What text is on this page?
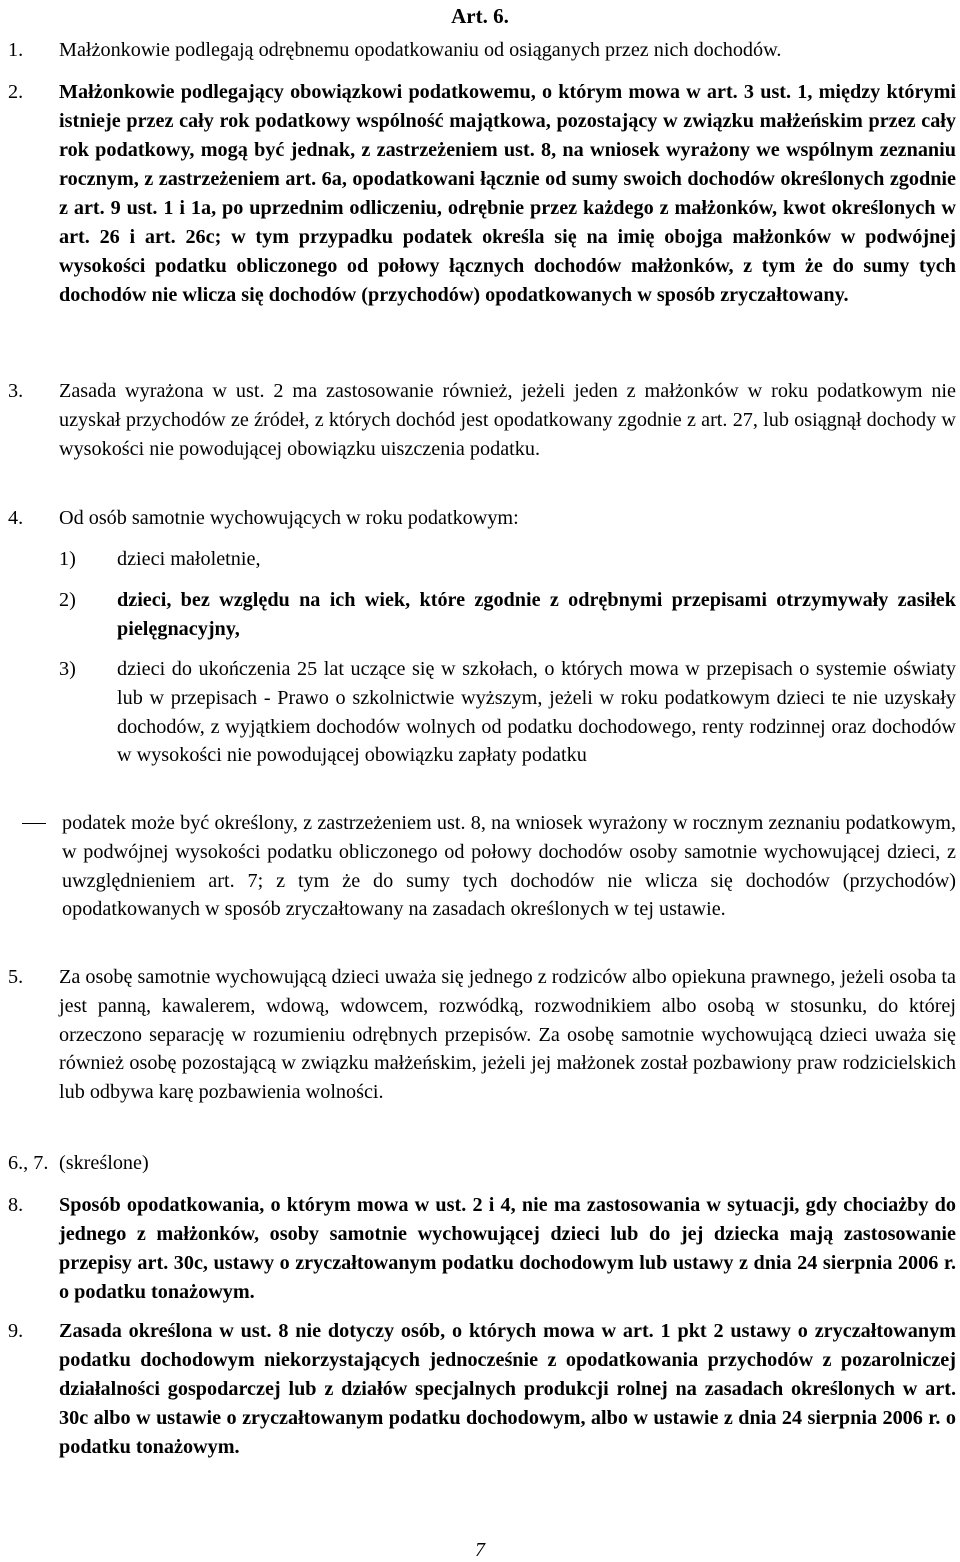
Art. 6.
1. Małżonkowie podlegają odrębnemu opodatkowaniu od osiąganych przez nich dochodów.
2. Małżonkowie podlegający obowiązkowi podatkowemu, o którym mowa w art. 3 ust. 1, między którymi istnieje przez cały rok podatkowy wspólność majątkowa, pozostający w związku małżeńskim przez cały rok podatkowy, mogą być jednak, z zastrzeżeniem ust. 8, na wniosek wyrażony we wspólnym zeznaniu rocznym, z zastrzeżeniem art. 6a, opodatkowani łącznie od sumy swoich dochodów określonych zgodnie z art. 9 ust. 1 i 1a, po uprzednim odliczeniu, odrębnie przez każdego z małżonków, kwot określonych w art. 26 i art. 26c; w tym przypadku podatek określa się na imię obojga małżonków w podwójnej wysokości podatku obliczonego od połowy łącznych dochodów małżonków, z tym że do sumy tych dochodów nie wlicza się dochodów (przychodów) opodatkowanych w sposób zryczałtowany.
3. Zasada wyrażona w ust. 2 ma zastosowanie również, jeżeli jeden z małżonków w roku podatkowym nie uzyskał przychodów ze źródeł, z których dochód jest opodatkowany zgodnie z art. 27, lub osiągnął dochody w wysokości nie powodującej obowiązku uiszczenia podatku.
4. Od osób samotnie wychowujących w roku podatkowym:
1) dzieci małoletnie,
2) dzieci, bez względu na ich wiek, które zgodnie z odrębnymi przepisami otrzymywały zasiłek pielęgnacyjny,
3) dzieci do ukończenia 25 lat uczące się w szkołach, o których mowa w przepisach o systemie oświaty lub w przepisach - Prawo o szkolnictwie wyższym, jeżeli w roku podatkowym dzieci te nie uzyskały dochodów, z wyjątkiem dochodów wolnych od podatku dochodowego, renty rodzinnej oraz dochodów w wysokości nie powodującej obowiązku zapłaty podatku
podatek może być określony, z zastrzeżeniem ust. 8, na wniosek wyrażony w rocznym zeznaniu podatkowym, w podwójnej wysokości podatku obliczonego od połowy dochodów osoby samotnie wychowującej dzieci, z uwzględnieniem art. 7; z tym że do sumy tych dochodów nie wlicza się dochodów (przychodów) opodatkowanych w sposób zryczałtowany na zasadach określonych w tej ustawie.
5. Za osobę samotnie wychowującą dzieci uważa się jednego z rodziców albo opiekuna prawnego, jeżeli osoba ta jest panną, kawalerem, wdową, wdowcem, rozwódką, rozwodnikiem albo osobą w stosunku, do której orzeczono separację w rozumieniu odrębnych przepisów. Za osobę samotnie wychowującą dzieci uważa się również osobę pozostającą w związku małżeńskim, jeżeli jej małżonek został pozbawiony praw rodzicielskich lub odbywa karę pozbawienia wolności.
6., 7. (skreślone)
8. Sposób opodatkowania, o którym mowa w ust. 2 i 4, nie ma zastosowania w sytuacji, gdy chociażby do jednego z małżonków, osoby samotnie wychowującej dzieci lub do jej dziecka mają zastosowanie przepisy art. 30c, ustawy o zryczałtowanym podatku dochodowym lub ustawy z dnia 24 sierpnia 2006 r. o podatku tonażowym.
9. Zasada określona w ust. 8 nie dotyczy osób, o których mowa w art. 1 pkt 2 ustawy o zryczałtowanym podatku dochodowym niekorzystających jednocześnie z opodatkowania przychodów z pozarolniczej działalności gospodarczej lub z działów specjalnych produkcji rolnej na zasadach określonych w art. 30c albo w ustawie o zryczałtowanym podatku dochodowym, albo w ustawie z dnia 24 sierpnia 2006 r. o podatku tonażowym.
7
